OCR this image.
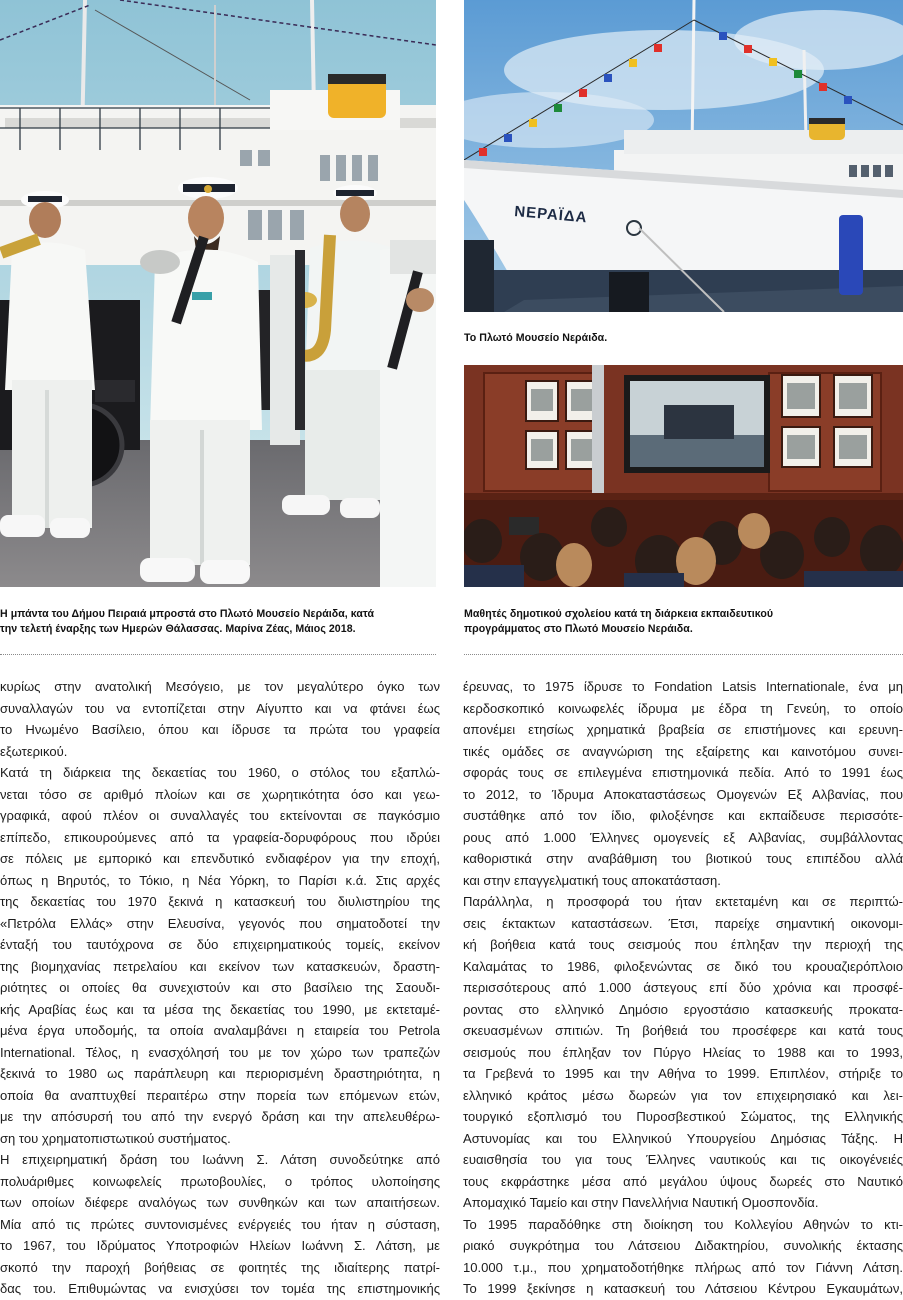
ΝΕΡΑΪΔΑ
Η μπάντα του Δήμου Πειραιά μπροστά στο Πλωτό Μουσείο Νεράιδα, κατά
την τελετή έναρξης των Ημερών Θάλασσας. Μαρίνα Ζέας, Μάιος 2018.
Το Πλωτό Μουσείο Νεράιδα.
Μαθητές δημοτικού σχολείου κατά τη διάρκεια εκπαιδευτικού
προγράμματος στο Πλωτό Μουσείο Νεράιδα.
κυρίως στην ανατολική Μεσόγειο, με τον μεγαλύτερο όγκο των
συναλλαγών του να εντοπίζεται στην Αίγυπτο και να φτάνει έως
το Ηνωμένο Βασίλειο, όπου και ίδρυσε τα πρώτα του γραφεία
εξωτερικού.
Κατά τη διάρκεια της δεκαετίας του 1960, ο στόλος του εξαπλώ-
νεται τόσο σε αριθμό πλοίων και σε χωρητικότητα όσο και γεω-
γραφικά, αφού πλέον οι συναλλαγές του εκτείνονται σε παγκόσμιο
επίπεδο, επικουρούμενες από τα γραφεία-δορυφόρους που ιδρύει
σε πόλεις με εμπορικό και επενδυτικό ενδιαφέρον για την εποχή,
όπως η Βηρυτός, το Τόκιο, η Νέα Υόρκη, το Παρίσι κ.ά. Στις αρχές
της δεκαετίας του 1970 ξεκινά η κατασκευή του διυλιστηρίου της
«Πετρόλα Ελλάς» στην Ελευσίνα, γεγονός που σηματοδοτεί την
ένταξή του ταυτόχρονα σε δύο επιχειρηματικούς τομείς, εκείνον
της βιομηχανίας πετρελαίου και εκείνον των κατασκευών, δραστη-
ριότητες οι οποίες θα συνεχιστούν και στο βασίλειο της Σαουδι-
κής Αραβίας έως και τα μέσα της δεκαετίας του 1990, με εκτεταμέ-
μένα έργα υποδομής, τα οποία αναλαμβάνει η εταιρεία του Petrola
International. Τέλος, η ενασχόλησή του με τον χώρο των τραπεζών
ξεκινά το 1980 ως παράπλευρη και περιορισμένη δραστηριότητα, η
οποία θα αναπτυχθεί περαιτέρω στην πορεία των επόμενων ετών,
με την απόσυρσή του από την ενεργό δράση και την απελευθέρω-
ση του χρηματοπιστωτικού συστήματος.
Η επιχειρηματική δράση του Ιωάννη Σ. Λάτση συνοδεύτηκε από
πολυάριθμες κοινωφελείς πρωτοβουλίες, ο τρόπος υλοποίησης
των οποίων διέφερε αναλόγως των συνθηκών και των απαιτήσεων.
Μία από τις πρώτες συντονισμένες ενέργειές του ήταν η σύσταση,
το 1967, του Ιδρύματος Υποτροφιών Ηλείων Ιωάννη Σ. Λάτση, με
σκοπό την παροχή βοήθειας σε φοιτητές της ιδιαίτερης πατρί-
δας του. Επιθυμώντας να ενισχύσει τον τομέα της επιστημονικής
έρευνας, το 1975 ίδρυσε το Fondation Latsis Internationale, ένα μη
κερδοσκοπικό κοινωφελές ίδρυμα με έδρα τη Γενεύη, το οποίο
απονέμει ετησίως χρηματικά βραβεία σε επιστήμονες και ερευνη-
τικές ομάδες σε αναγνώριση της εξαίρετης και καινοτόμου συνει-
σφοράς τους σε επιλεγμένα επιστημονικά πεδία. Από το 1991 έως
το 2012, το Ίδρυμα Αποκαταστάσεως Ομογενών Εξ Αλβανίας, που
συστάθηκε από τον ίδιο, φιλοξένησε και εκπαίδευσε περισσότε-
ρους από 1.000 Έλληνες ομογενείς εξ Αλβανίας, συμβάλλοντας
καθοριστικά στην αναβάθμιση του βιοτικού τους επιπέδου αλλά
και στην επαγγελματική τους αποκατάσταση.
Παράλληλα, η προσφορά του ήταν εκτεταμένη και σε περιπτώ-
σεις έκτακτων καταστάσεων. Έτσι, παρείχε σημαντική οικονομι-
κή βοήθεια κατά τους σεισμούς που έπληξαν την περιοχή της
Καλαμάτας το 1986, φιλοξενώντας σε δικό του κρουαζιερόπλοιο
περισσότερους από 1.000 άστεγους επί δύο χρόνια και προσφέ-
ροντας στο ελληνικό Δημόσιο εργοστάσιο κατασκευής προκατα-
σκευασμένων σπιτιών. Τη βοήθειά του προσέφερε και κατά τους
σεισμούς που έπληξαν τον Πύργο Ηλείας το 1988 και το 1993,
τα Γρεβενά το 1995 και την Αθήνα το 1999. Επιπλέον, στήριξε το
ελληνικό κράτος μέσω δωρεών για τον επιχειρησιακό και λει-
τουργικό εξοπλισμό του Πυροσβεστικού Σώματος, της Ελληνικής
Αστυνομίας και του Ελληνικού Υπουργείου Δημόσιας Τάξης. Η
ευαισθησία του για τους Έλληνες ναυτικούς και τις οικογένειές
τους εκφράστηκε μέσα από μεγάλου ύψους δωρεές στο Ναυτικό
Απομαχικό Ταμείο και στην Πανελλήνια Ναυτική Ομοσπονδία.
Το 1995 παραδόθηκε στη διοίκηση του Κολλεγίου Αθηνών το κτι-
ριακό συγκρότημα του Λάτσειου Διδακτηρίου, συνολικής έκτασης
10.000 τ.μ., που χρηματοδοτήθηκε πλήρως από τον Γιάννη Λάτση.
Το 1999 ξεκίνησε η κατασκευή του Λάτσειου Κέντρου Εγκαυμάτων,
